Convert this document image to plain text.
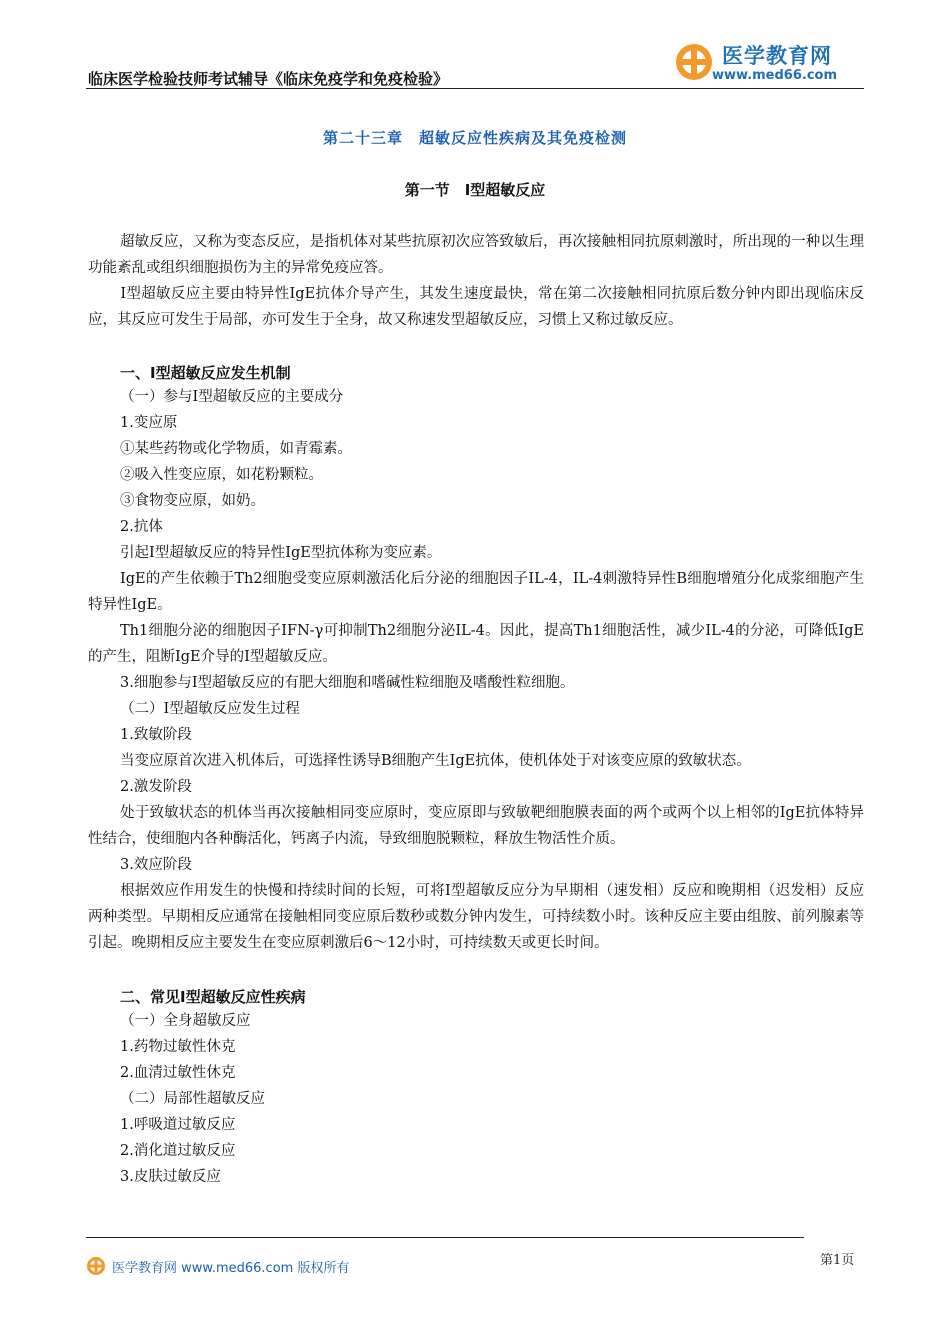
临床医学检验技师考试辅导《临床免疫学和免疫检验》
医学教育网
www.med66.com
第二十三章　超敏反应性疾病及其免疫检测
第一节　Ⅰ型超敏反应
超敏反应，又称为变态反应，是指机体对某些抗原初次应答致敏后，再次接触相同抗原刺激时，所出现的一种以生理功能紊乱或组织细胞损伤为主的异常免疫应答。
Ⅰ型超敏反应主要由特异性IgE抗体介导产生，其发生速度最快，常在第二次接触相同抗原后数分钟内即出现临床反应，其反应可发生于局部，亦可发生于全身，故又称速发型超敏反应，习惯上又称过敏反应。
一、Ⅰ型超敏反应发生机制
（一）参与Ⅰ型超敏反应的主要成分
1.变应原
①某些药物或化学物质，如青霉素。
②吸入性变应原，如花粉颗粒。
③食物变应原，如奶。
2.抗体
引起Ⅰ型超敏反应的特异性IgE型抗体称为变应素。
IgE的产生依赖于Th2细胞受变应原刺激活化后分泌的细胞因子IL-4，IL-4刺激特异性B细胞增殖分化成浆细胞产生特异性IgE。
Th1细胞分泌的细胞因子IFN-γ可抑制Th2细胞分泌IL-4。因此，提高Th1细胞活性，减少IL-4的分泌，可降低IgE的产生，阻断IgE介导的Ⅰ型超敏反应。
3.细胞参与Ⅰ型超敏反应的有肥大细胞和嗜碱性粒细胞及嗜酸性粒细胞。
（二）Ⅰ型超敏反应发生过程
1.致敏阶段
当变应原首次进入机体后，可选择性诱导B细胞产生IgE抗体，使机体处于对该变应原的致敏状态。
2.激发阶段
处于致敏状态的机体当再次接触相同变应原时，变应原即与致敏靶细胞膜表面的两个或两个以上相邻的IgE抗体特异性结合，使细胞内各种酶活化，钙离子内流，导致细胞脱颗粒，释放生物活性介质。
3.效应阶段
根据效应作用发生的快慢和持续时间的长短，可将Ⅰ型超敏反应分为早期相（速发相）反应和晚期相（迟发相）反应两种类型。早期相反应通常在接触相同变应原后数秒或数分钟内发生，可持续数小时。该种反应主要由组胺、前列腺素等引起。晚期相反应主要发生在变应原刺激后6～12小时，可持续数天或更长时间。
二、常见Ⅰ型超敏反应性疾病
（一）全身超敏反应
1.药物过敏性休克
2.血清过敏性休克
（二）局部性超敏反应
1.呼吸道过敏反应
2.消化道过敏反应
3.皮肤过敏反应
医学教育网 www.med66.com 版权所有
第1页
